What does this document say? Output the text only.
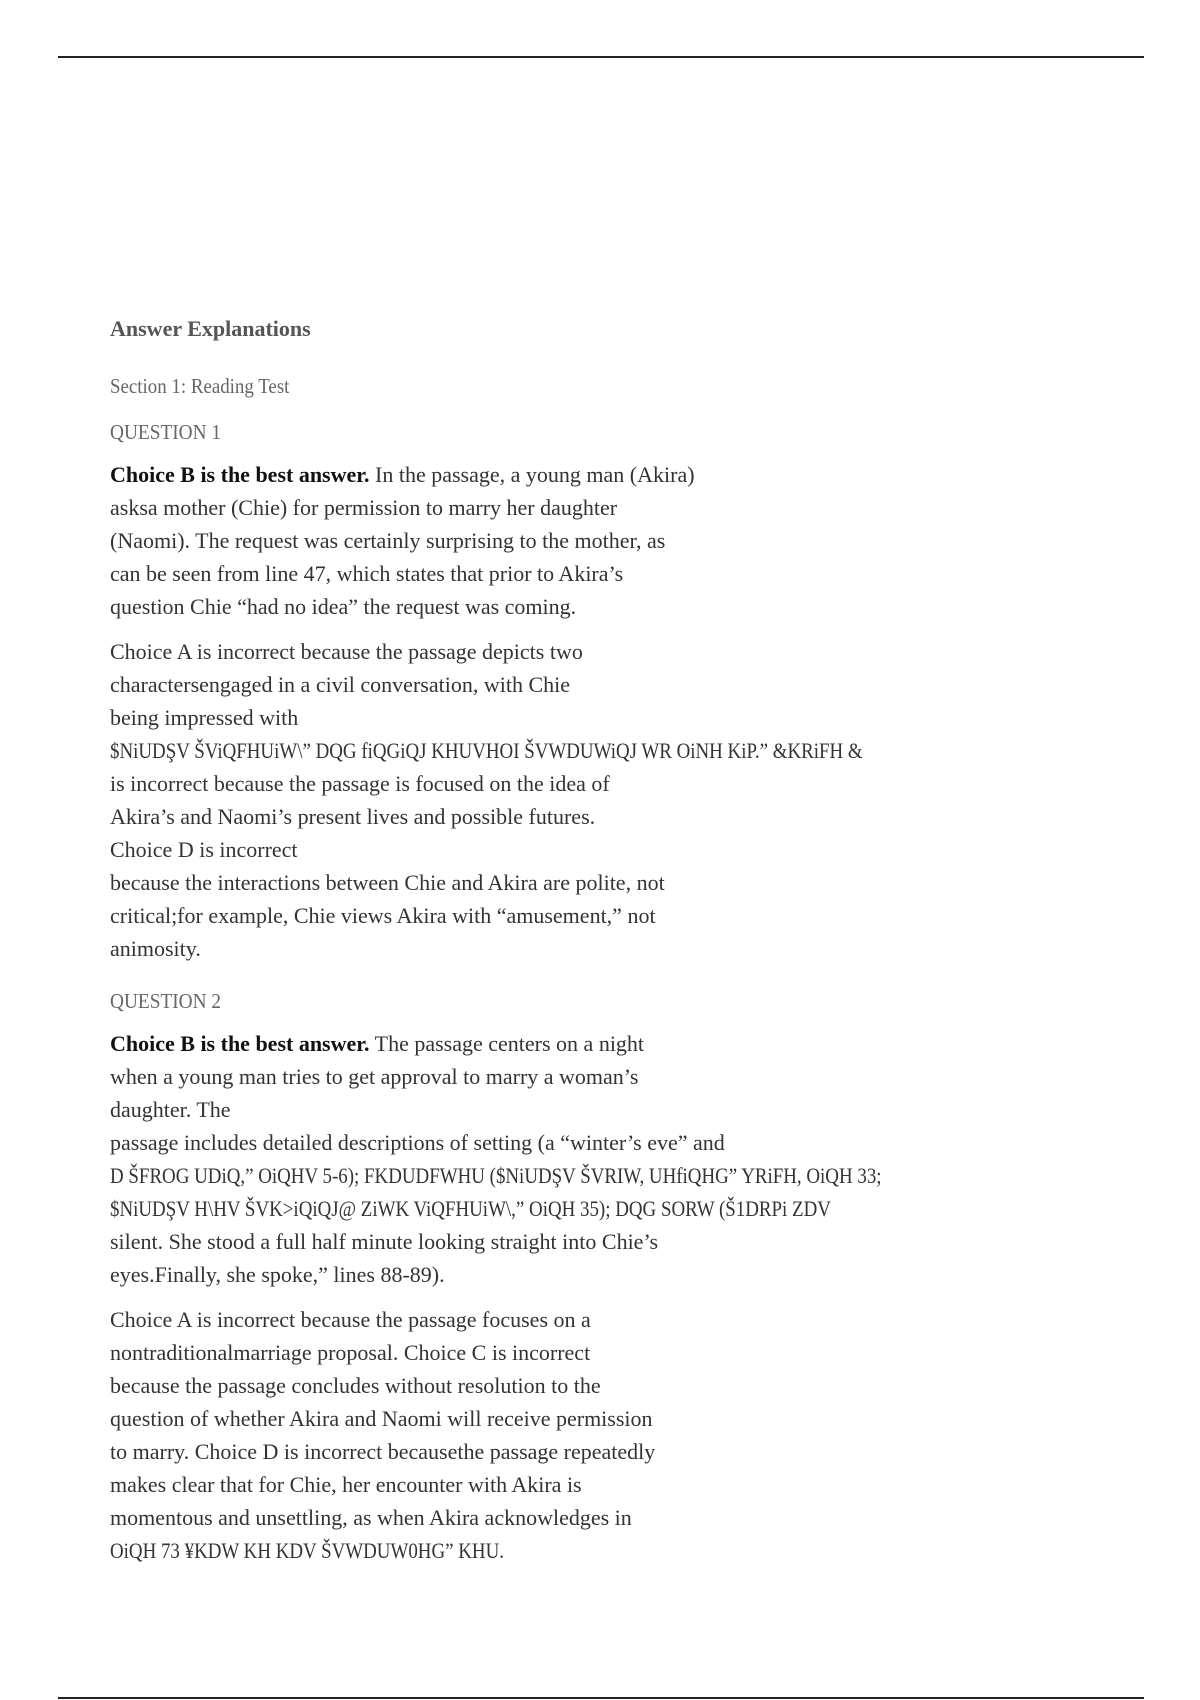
Answer Explanations
Section 1: Reading Test
QUESTION 1
Choice B is the best answer. In the passage, a young man (Akira)
asksa mother (Chie) for permission to marry her daughter
(Naomi). The request was certainly surprising to the mother, as
can be seen from line 47, which states that prior to Akira’s
question Chie “had no idea” the request was coming.
Choice A is incorrect because the passage depicts two
charactersengaged in a civil conversation, with Chie
being impressed with
$NiUDŞV ŠViQFHUiW\” DQG fiQGiQJ KHUVHOI ŠVWDUWiQJ WR OiNH KiP.” &KRiFH &
is incorrect because the passage is focused on the idea of
Akira’s and Naomi’s present lives and possible futures.
Choice D is incorrect
because the interactions between Chie and Akira are polite, not
critical;for example, Chie views Akira with “amusement,” not
animosity.
QUESTION 2
Choice B is the best answer. The passage centers on a night
when a young man tries to get approval to marry a woman’s
daughter. The
passage includes detailed descriptions of setting (a “winter’s eve” and
D ŠFROG UDiQ,” OiQHV 5-6); FKDUDFWHU ($NiUDŞV ŠVRIW, UHfiQHG” YRiFH, OiQH 33;
$NiUDŞV H\HV ŠVK>iQiQJ@ ZiWK ViQFHUiW\,” OiQH 35); DQG SORW (Š1DRPi ZDV
silent. She stood a full half minute looking straight into Chie’s
eyes.Finally, she spoke,” lines 88-89).
Choice A is incorrect because the passage focuses on a
nontraditionalmarriage proposal. Choice C is incorrect
because the passage concludes without resolution to the
question of whether Akira and Naomi will receive permission
to marry. Choice D is incorrect becausethe passage repeatedly
makes clear that for Chie, her encounter with Akira is
momentous and unsettling, as when Akira acknowledges in
OiQH 73 ¥KDW KH KDV ŠVWDUW0HG” KHU.
